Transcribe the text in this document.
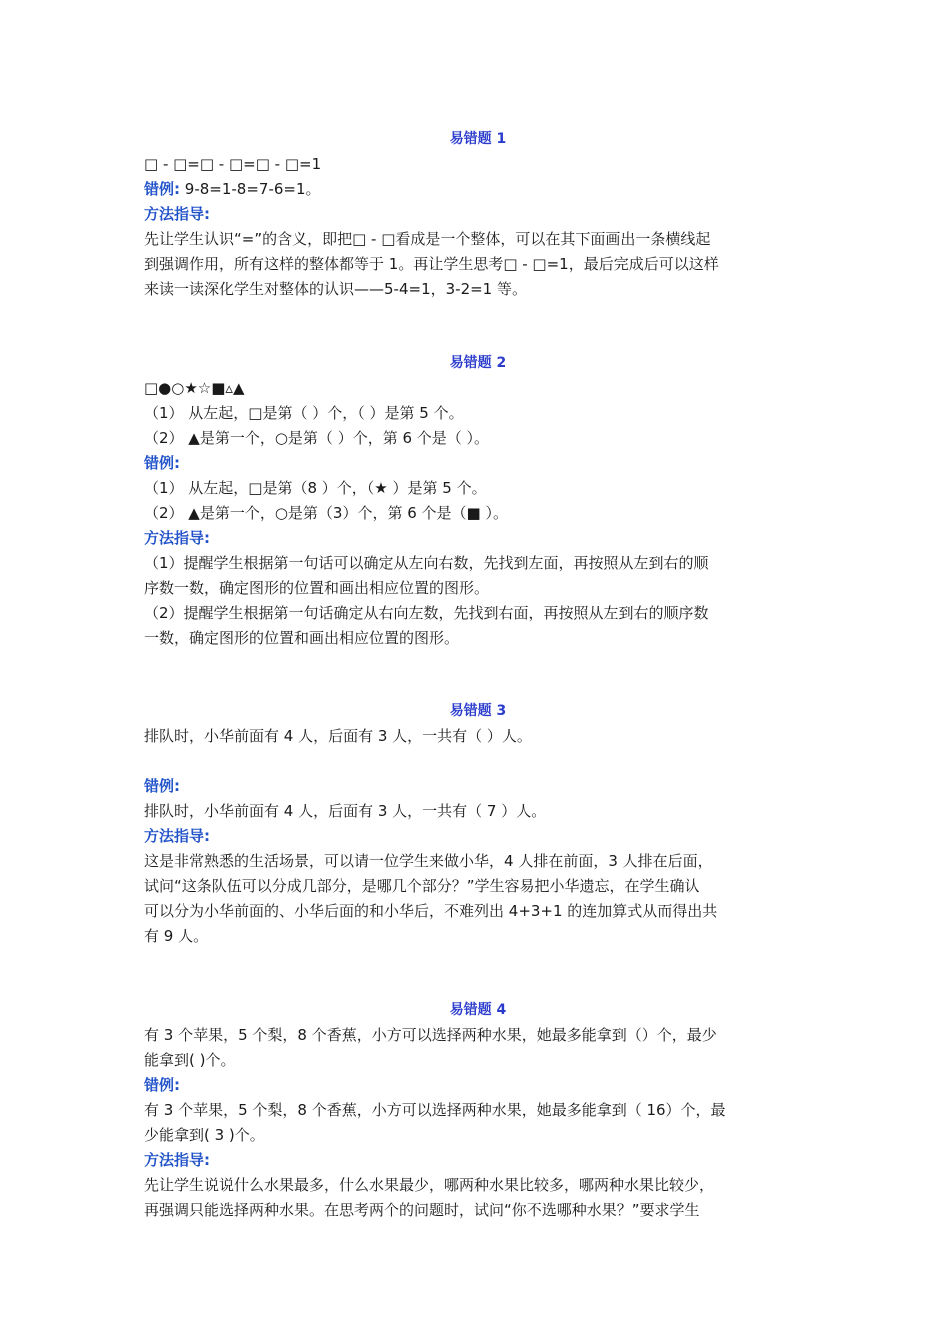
易错题 1
□ - □=□ - □=□ - □=1
错例: 9-8=1-8=7-6=1。
方法指导:
先让学生认识“=”的含义，即把□ - □看成是一个整体，可以在其下面画出一条横线起
到强调作用，所有这样的整体都等于 1。再让学生思考□ - □=1，最后完成后可以这样
来读一读深化学生对整体的认识——5-4=1，3-2=1 等。
易错题 2
□●○★☆■▵▲
（1） 从左起，□是第（ ）个，（ ）是第 5 个。
（2） ▲是第一个，○是第（ ）个，第 6 个是（ ）。
错例:
（1） 从左起，□是第（8 ）个，（★ ）是第 5 个。
（2） ▲是第一个，○是第（3）个，第 6 个是（■ ）。
方法指导:
（1）提醒学生根据第一句话可以确定从左向右数，先找到左面，再按照从左到右的顺
序数一数，确定图形的位置和画出相应位置的图形。
（2）提醒学生根据第一句话确定从右向左数，先找到右面，再按照从左到右的顺序数
一数，确定图形的位置和画出相应位置的图形。
易错题 3
排队时，小华前面有 4 人，后面有 3 人，一共有（ ）人。
错例:
排队时，小华前面有 4 人，后面有 3 人，一共有（ 7 ）人。
方法指导:
这是非常熟悉的生活场景，可以请一位学生来做小华，4 人排在前面，3 人排在后面，
试问“这条队伍可以分成几部分，是哪几个部分？”学生容易把小华遗忘，在学生确认
可以分为小华前面的、小华后面的和小华后，不难列出 4+3+1 的连加算式从而得出共
有 9 人。
易错题 4
有 3 个苹果，5 个梨，8 个香蕉，小方可以选择两种水果，她最多能拿到（）个，最少
能拿到( )个。
错例:
有 3 个苹果，5 个梨，8 个香蕉，小方可以选择两种水果，她最多能拿到（ 16）个，最
少能拿到( 3 )个。
方法指导:
先让学生说说什么水果最多，什么水果最少，哪两种水果比较多，哪两种水果比较少，
再强调只能选择两种水果。在思考两个的问题时，试问“你不选哪种水果？”要求学生
